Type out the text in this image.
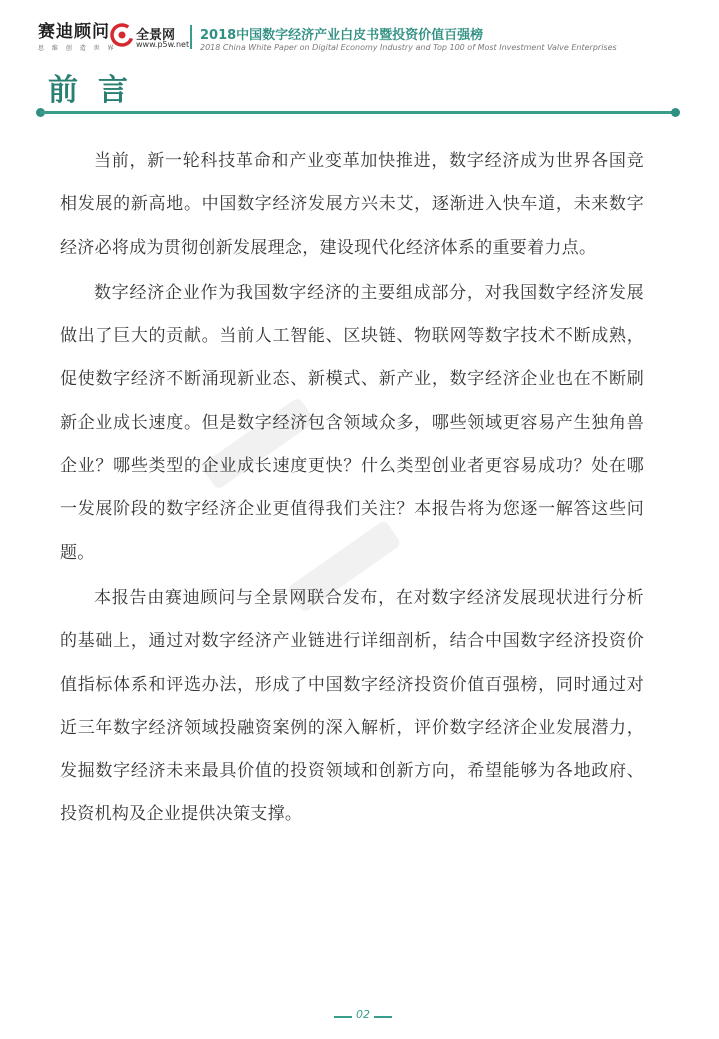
赛迪顾问
思 维 创 造 世 界
全景网
www.p5w.net
2018中国数字经济产业白皮书暨投资价值百强榜
2018 China White Paper on Digital Economy Industry and Top 100 of Most Investment Valve Enterprises
前言

当前，新一轮科技革命和产业变革加快推进，数字经济成为世界各国竞相发展的新高地。中国数字经济发展方兴未艾，逐渐进入快车道，未来数字经济必将成为贯彻创新发展理念，建设现代化经济体系的重要着力点。

数字经济企业作为我国数字经济的主要组成部分，对我国数字经济发展做出了巨大的贡献。当前人工智能、区块链、物联网等数字技术不断成熟，促使数字经济不断涌现新业态、新模式、新产业，数字经济企业也在不断刷新企业成长速度。但是数字经济包含领域众多，哪些领域更容易产生独角兽企业？哪些类型的企业成长速度更快？什么类型创业者更容易成功？处在哪一发展阶段的数字经济企业更值得我们关注？本报告将为您逐一解答这些问题。

本报告由赛迪顾问与全景网联合发布，在对数字经济发展现状进行分析的基础上，通过对数字经济产业链进行详细剖析，结合中国数字经济投资价值指标体系和评选办法，形成了中国数字经济投资价值百强榜，同时通过对近三年数字经济领域投融资案例的深入解析，评价数字经济企业发展潜力，发掘数字经济未来最具价值的投资领域和创新方向，希望能够为各地政府、投资机构及企业提供决策支撑。

02
